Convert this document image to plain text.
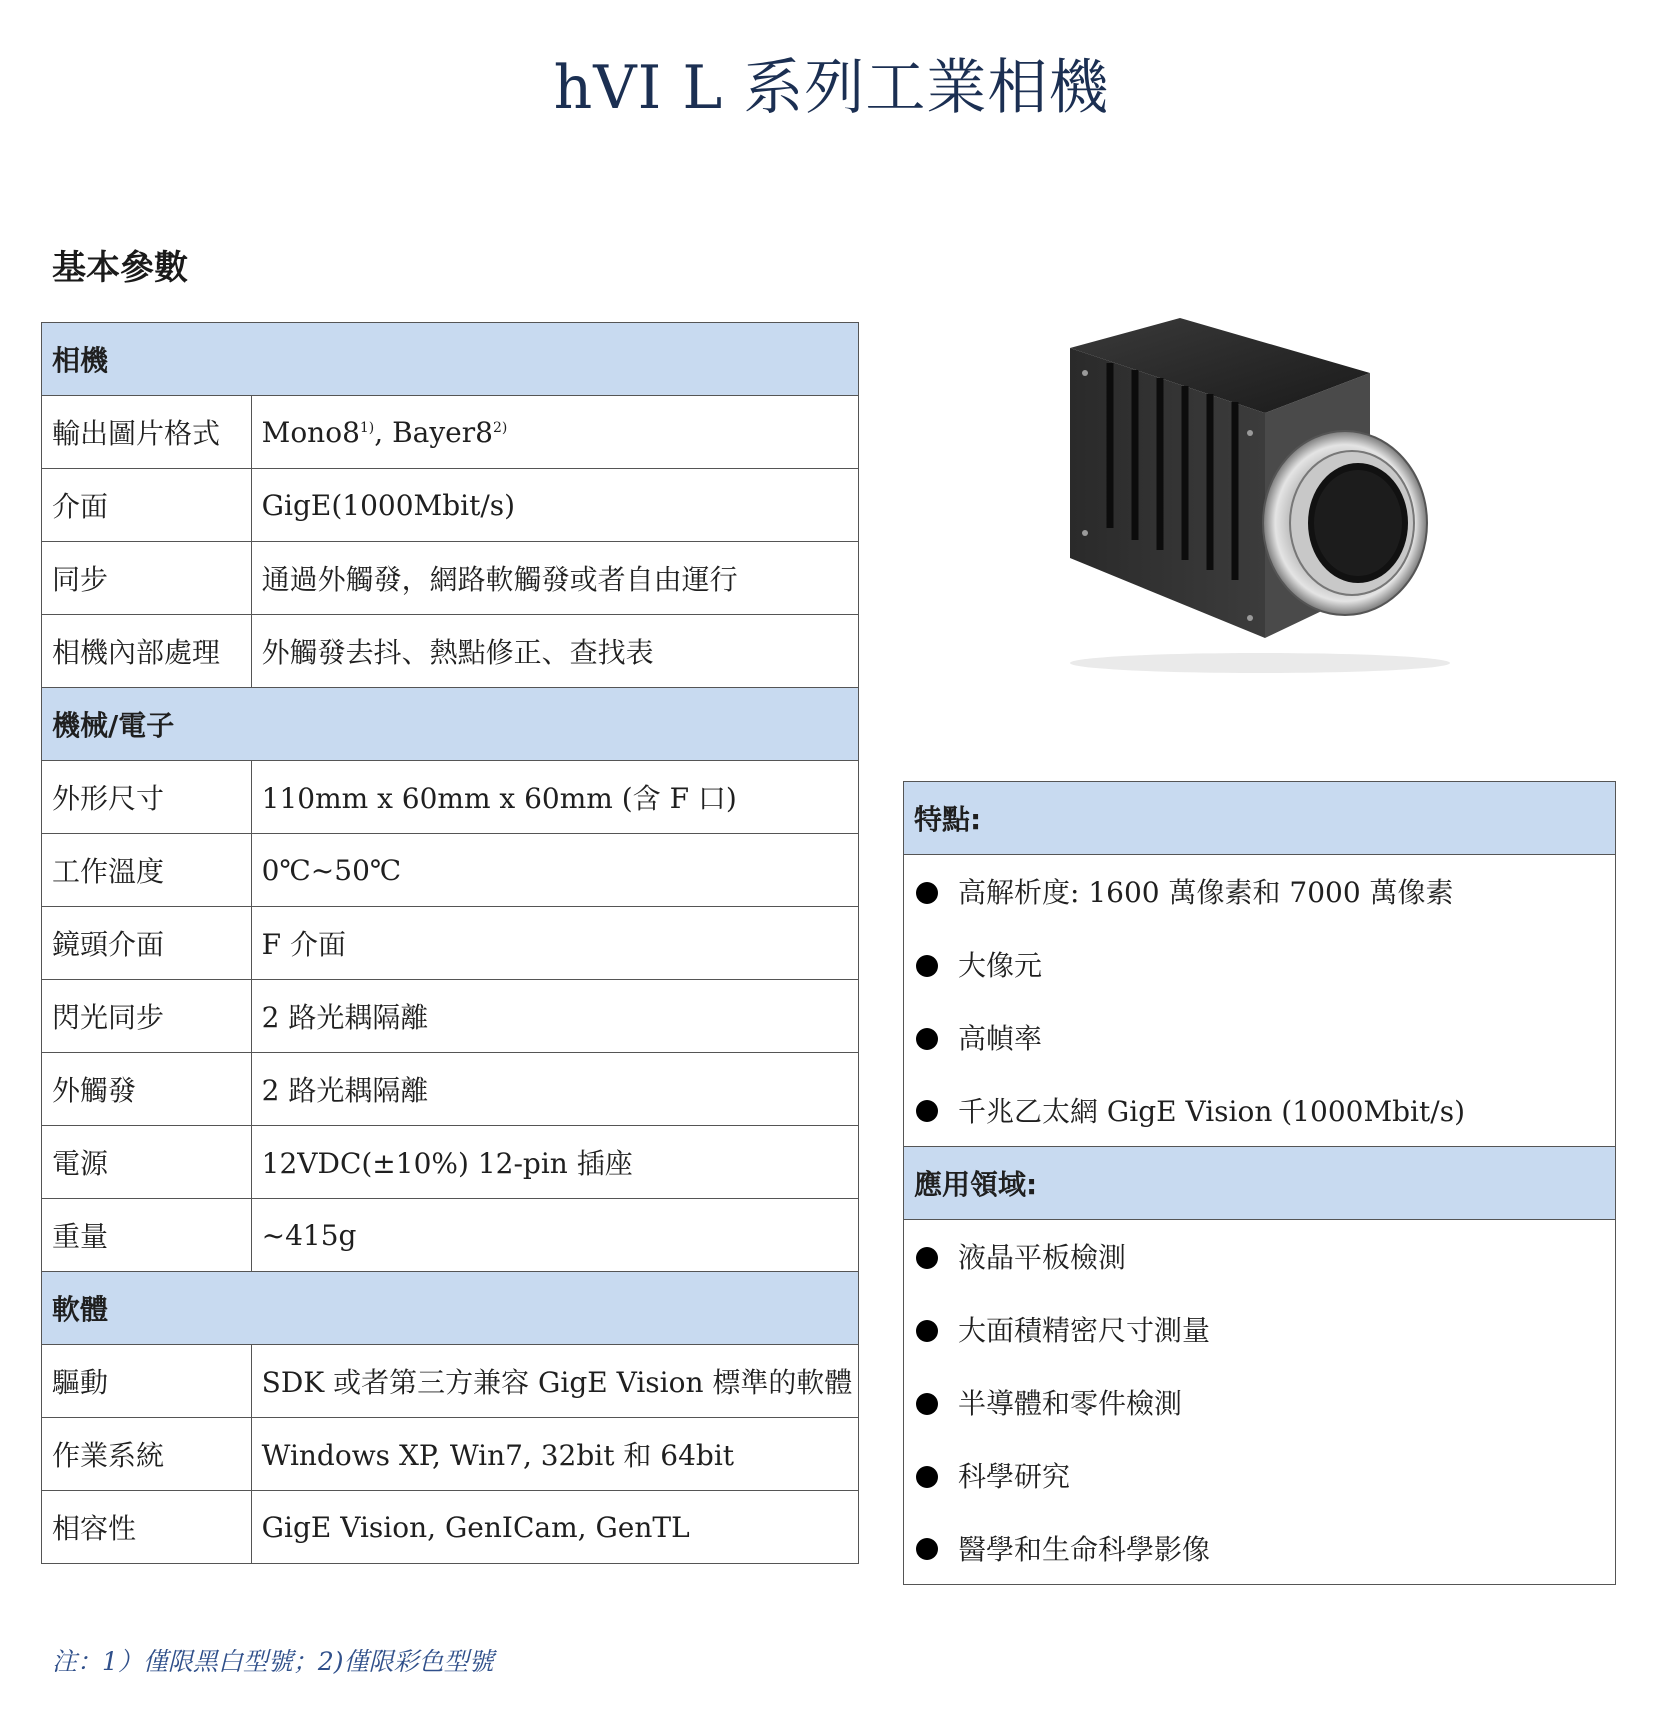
hVI L 系列工業相機
基本參數
相機	
輸出圖片格式	Mono8$^{1)}$, Bayer8$^{2)}$
介面	GigE(1000Mbit/s)
同步	通過外觸發，網路軟觸發或者自由運行
相機內部處理	外觸發去抖、熱點修正、查找表
機械/電子	
外形尺寸	110mm x 60mm x 60mm (含 F 口)
工作溫度	0℃~50℃
鏡頭介面	F 介面
閃光同步	2 路光耦隔離
外觸發	2 路光耦隔離
電源	12VDC(±10%) 12-pin 插座
重量	~415g
軟體	
驅動	SDK 或者第三方兼容 GigE Vision 標準的軟體
作業系統	Windows XP, Win7, 32bit 和 64bit
相容性	GigE Vision, GenICam, GenTL
特點:
高解析度: 1600 萬像素和 7000 萬像素
大像元
高幀率
千兆乙太網 GigE Vision (1000Mbit/s)
應用領域:
液晶平板檢測
大面積精密尺寸測量
半導體和零件檢測
科學研究
醫學和生命科學影像
注：1）僅限黑白型號；2)僅限彩色型號
